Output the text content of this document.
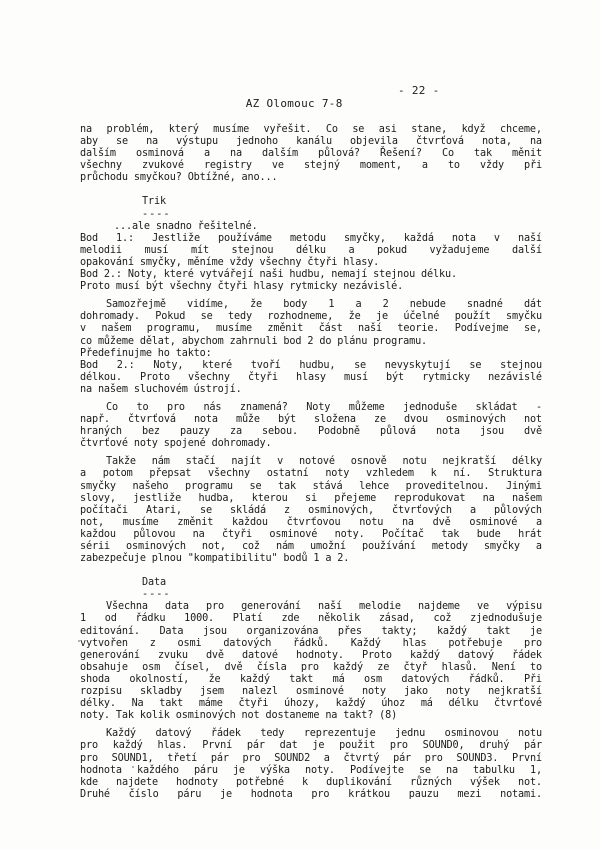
AZ Olomouc 7-8

- 22 -

na problém, který musíme vyřešit. Co se asi stane, když chceme,
aby se na výstupu jednoho kanálu objevila čtvrťová nota, na
dalším osminová a na dalším půlová? Řešení? Co tak měnit
všechny zvukové registry ve stejný moment, a to vždy při
průchodu smyčkou? Obtížné, ano...
Trik
----
...ale snadno řešitelné.
Bod 1.: Jestliže používáme metodu smyčky, každá nota v naší
melodii musí mít stejnou délku a pokud vyžadujeme další
opakování smyčky, měníme vždy všechny čtyři hlasy.
Bod 2.: Noty, které vytvářejí naši hudbu, nemají stejnou délku.
Proto musí být všechny čtyři hlasy rytmicky nezávislé.
Samozřejmě vidíme, že body 1 a 2 nebude snadné dát
dohromady. Pokud se tedy rozhodneme, že je účelné použít smyčku
v našem programu, musíme změnit část naší teorie. Podívejme se,
co můžeme dělat, abychom zahrnuli bod 2 do plánu programu.
Předefinujme ho takto:
Bod 2.: Noty, které tvoří hudbu, se nevyskytují se stejnou
délkou. Proto všechny čtyři hlasy musí být rytmicky nezávislé
na našem sluchovém ústrojí.
Co to pro nás znamená? Noty můžeme jednoduše skládat -
např. čtvrťová nota může být složena ze dvou osminových not
hraných bez pauzy za sebou. Podobně půlová nota jsou dvě
čtvrťové noty spojené dohromady.
Takže nám stačí najít v notové osnově notu nejkratší délky
a potom přepsat všechny ostatní noty vzhledem k ní. Struktura
smyčky našeho programu se tak stává lehce proveditelnou. Jinými
slovy, jestliže hudba, kterou si přejeme reprodukovat na našem
počítači Atari, se skládá z osminových, čtvrťových a půlových
not, musíme změnit každou čtvrťovou notu na dvě osminové a
každou půlovou na čtyři osminové noty. Počítač tak bude hrát
sérii osminových not, což nám umožní používání metody smyčky a
zabezpečuje plnou "kompatibilitu" bodů 1 a 2.
Data
----
Všechna data pro generování naší melodie najdeme ve výpisu
1 od řádku 1000. Platí zde několik zásad, což zjednodušuje
editování. Data jsou organizována přes takty; každý takt je
vytvořen z osmi datových řádků. Každý hlas potřebuje pro
generování zvuku dvě datové hodnoty. Proto každý datový řádek
obsahuje osm čísel, dvě čísla pro každý ze čtyř hlasů. Není to
shoda okolností, že každý takt má osm datových řádků. Při
rozpisu skladby jsem nalezl osminové noty jako noty nejkratší
délky. Na takt máme čtyři úhozy, každý úhoz má délku čtvrťové
noty. Tak kolik osminových not dostaneme na takt? (8)
Každý datový řádek tedy reprezentuje jednu osminovou notu
pro každý hlas. První pár dat je použit pro SOUND0, druhý pár
pro SOUND1, třetí pár pro SOUND2 a čtvrtý pár pro SOUND3. První
hodnota každého páru je výška noty. Podívejte se na tabulku 1,
kde najdete hodnoty potřebné k duplikování různých výšek not.
Druhé číslo páru je hodnota pro krátkou pauzu mezi notami.
